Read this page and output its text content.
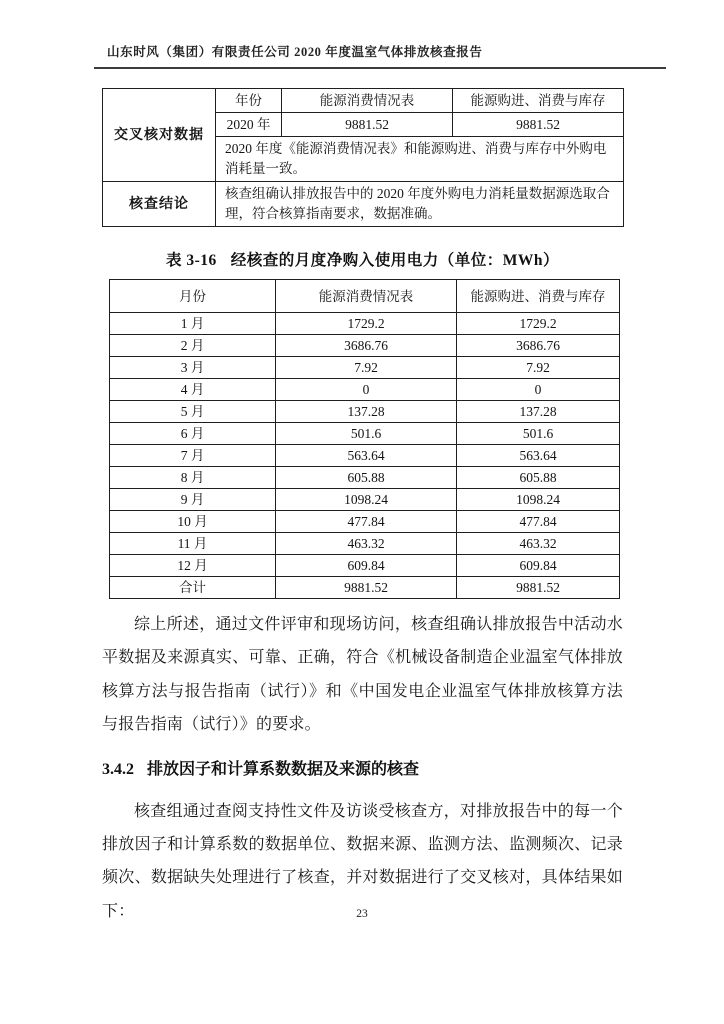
山东时风（集团）有限责任公司 2020 年度温室气体排放核查报告
交叉核对数据	年份	能源消费情况表	能源购进、消费与库存
	2020 年	9881.52	9881.52
	2020 年度《能源消费情况表》和能源购进、消费与库存中外购电消耗量一致。		
核查结论	核查组确认排放报告中的 2020 年度外购电力消耗量数据源选取合理，符合核算指南要求，数据准确。		
表 3-16 经核查的月度净购入使用电力（单位：MWh）
月份	能源消费情况表	能源购进、消费与库存
1 月	1729.2	1729.2
2 月	3686.76	3686.76
3 月	7.92	7.92
4 月	0	0
5 月	137.28	137.28
6 月	501.6	501.6
7 月	563.64	563.64
8 月	605.88	605.88
9 月	1098.24	1098.24
10 月	477.84	477.84
11 月	463.32	463.32
12 月	609.84	609.84
合计	9881.52	9881.52

综上所述，通过文件评审和现场访问，核查组确认排放报告中活动水平数据及来源真实、可靠、正确，符合《机械设备制造企业温室气体排放核算方法与报告指南（试行）》和《中国发电企业温室气体排放核算方法与报告指南（试行）》的要求。

3.4.2 排放因子和计算系数数据及来源的核查

核查组通过查阅支持性文件及访谈受核查方，对排放报告中的每一个排放因子和计算系数的数据单位、数据来源、监测方法、监测频次、记录频次、数据缺失处理进行了核查，并对数据进行了交叉核对，具体结果如下：	23
